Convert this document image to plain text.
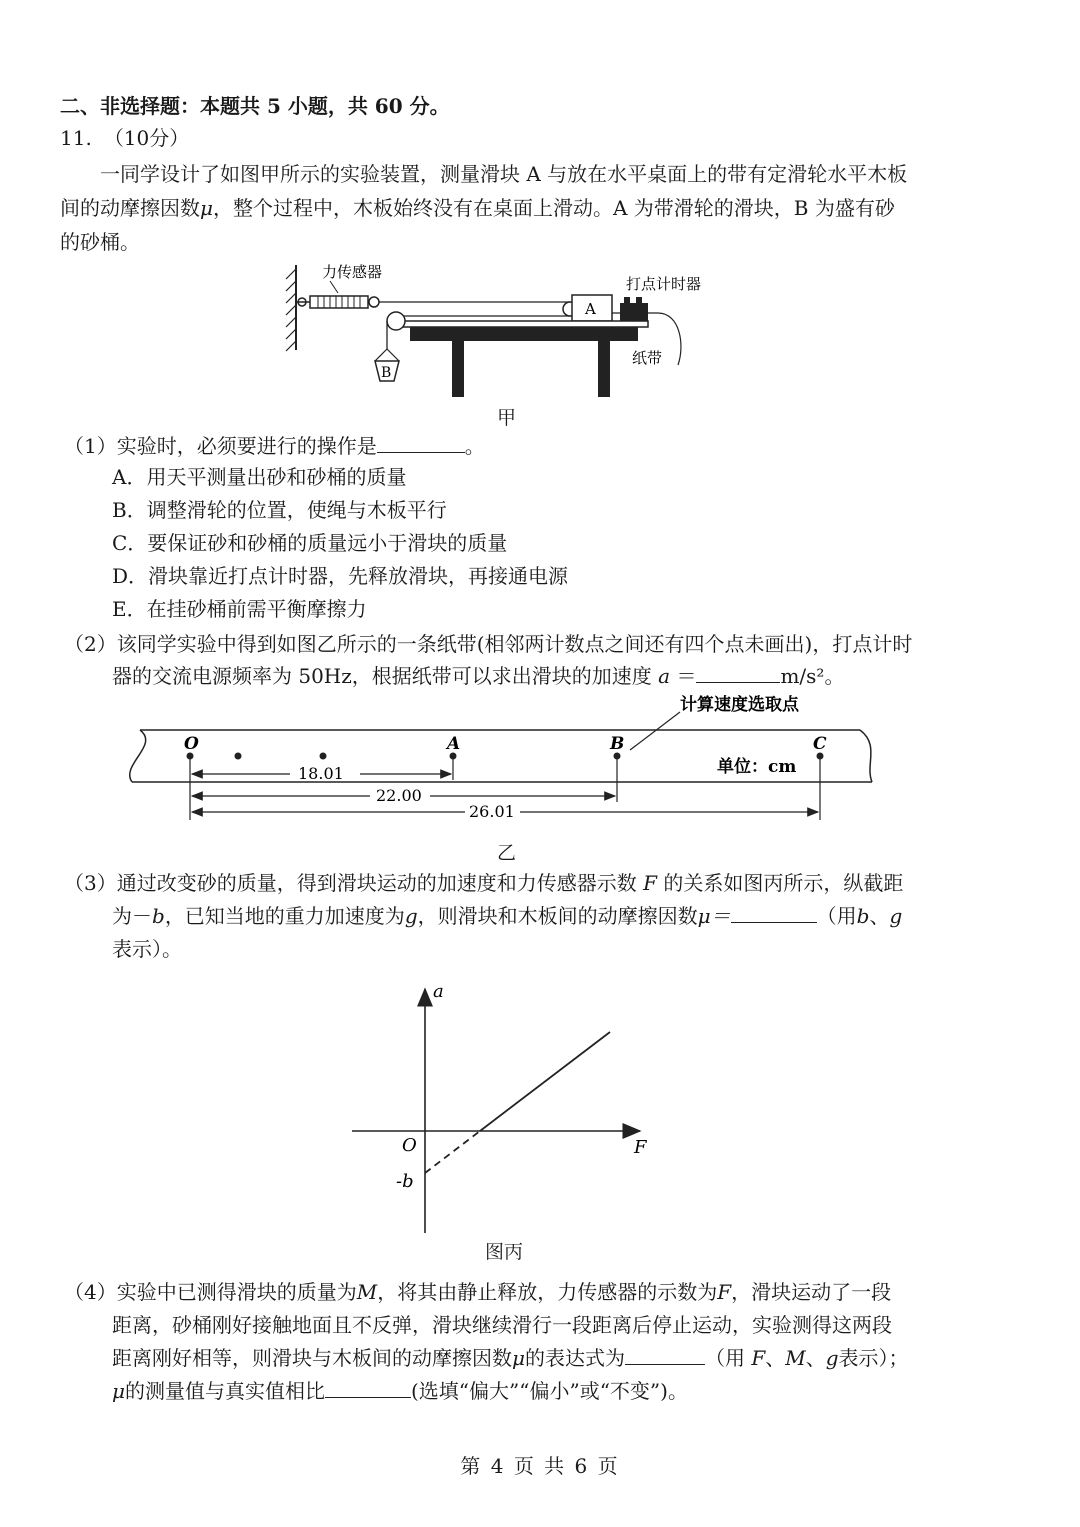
二、非选择题：本题共 5 小题，共 60 分。
11. （10分）
一同学设计了如图甲所示的实验装置，测量滑块 A 与放在水平桌面上的带有定滑轮水平木板
间的动摩擦因数μ，整个过程中，木板始终没有在桌面上滑动。A 为带滑轮的滑块，B 为盛有砂
的砂桶。
力传感器
A
打点计时器
纸带
B
甲
（1）实验时，必须要进行的操作是	。
A．用天平测量出砂和砂桶的质量
B．调整滑轮的位置，使绳与木板平行
C．要保证砂和砂桶的质量远小于滑块的质量
D．滑块靠近打点计时器，先释放滑块，再接通电源
E．在挂砂桶前需平衡摩擦力
（2）该同学实验中得到如图乙所示的一条纸带(相邻两计数点之间还有四个点未画出)，打点计时
器的交流电源频率为 50Hz，根据纸带可以求出滑块的加速度 a ＝	m/s²。
O	A	B	C
计算速度选取点
单位：cm
18.01
22.00
26.01
乙
（3）通过改变砂的质量，得到滑块运动的加速度和力传感器示数 F 的关系如图丙所示，纵截距
为－b，已知当地的重力加速度为g，则滑块和木板间的动摩擦因数μ＝	（用b、g
表示）。
a
F
O
-b
图丙
（4）实验中已测得滑块的质量为M，将其由静止释放，力传感器的示数为F，滑块运动了一段
距离，砂桶刚好接触地面且不反弹，滑块继续滑行一段距离后停止运动，实验测得这两段
距离刚好相等，则滑块与木板间的动摩擦因数μ的表达式为	（用 F、M、g表示）；
μ的测量值与真实值相比	(选填“偏大”“偏小”或“不变”)。
第 4 页 共 6 页
